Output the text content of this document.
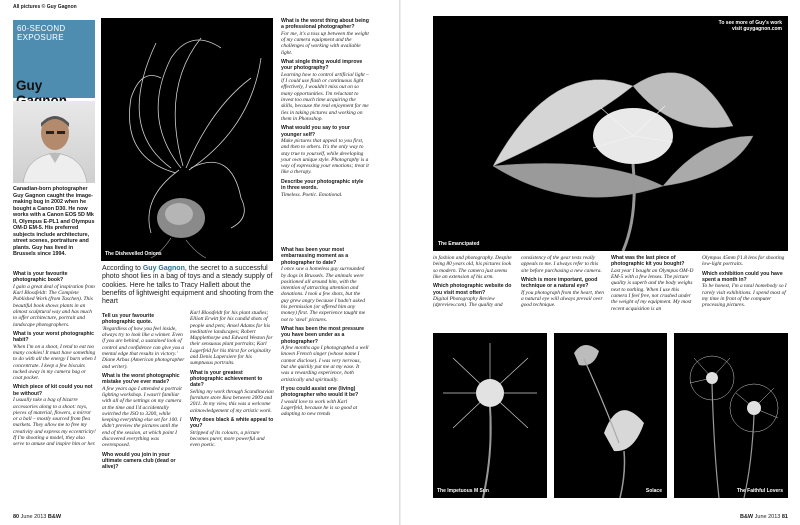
All pictures © Guy Gagnon
60-SECOND
EXPOSURE
Guy
Canadian-born photographer Guy Gagnon caught the image-making bug in 2002 when he bought a Canon D30. He now works with a Canon EOS 5D Mk II, Olympus E-PL1 and Olympus OM-D EM-5. His preferred subjects include architecture, street scenes, portraiture and plants. Guy has lived in Brussels since 1994.
What is your favourite photographic book?
I gain a great deal of inspiration from Karl Blossfeldt: The Complete Published Work (from Taschen). This beautiful book shows plants in an almost sculptural way and has much to offer architecture, portrait and landscape photographers.
What is your worst photographic habit?
When I'm on a shoot, I tend to eat too many cookies! It must have something to do with all the energy I burn when I concentrate. I keep a few biscuits tucked away in my camera bag or coat pocket.
Which piece of kit could you not be without?
I usually take a bag of bizarre accessories along to a shoot: toys, pieces of material, flowers, a mirror or a ball – mostly sourced from flea markets. They allow me to free my creativity and express my eccentricity! If I'm shooting a model, they also serve to amuse and inspire him or her.
The Dishevelled Onions
According to Guy Gagnon, the secret to a successful photo shoot lies in a bag of toys and a steady supply of cookies. Here he talks to Tracy Hallett about the benefits of lightweight equipment and shooting from the heart
Tell us your favourite photographic quote.
'Regardless of how you feel inside, always try to look like a winner. Even if you are behind, a sustained look of control and confidence can give you a mental edge that results in victory.' Diane Arbus (American photographer and writer).
What is the worst photographic mistake you've ever made?
A few years ago I attended a portrait lighting workshop. I wasn't familiar with all of the settings on my camera at the time and I'd accidentally switched the ISO to 3200, while keeping everything else set for 100. I didn't preview the pictures until the end of the session, at which point I discovered everything was overexposed.
Who would you join in your ultimate camera club (dead or alive)?
Karl Blossfeldt for his plant studies; Elliott Erwitt for his candid shots of people and pets; Ansel Adams for his meditative landscapes; Robert Mapplethorpe and Edward Weston for their sensuous plant portraits; Karl Lagerfeld for his thirst for originality and Denis Lapersiere for his sumptuous portraits.
What is your greatest photographic achievement to date?
Selling my work through Scandinavian furniture store Ikea between 2009 and 2011. In my view, this was a welcome acknowledgement of my artistic work.
Why does black & white appeal to you?
Stripped of its colours, a picture becomes purer, more powerful and even poetic.
What is the worst thing about being a professional photographer?
For me, it's a toss up between the weight of my camera equipment and the challenges of working with available light.
What single thing would improve your photography?
Learning how to control artificial light – if I could use flash or continuous light effectively, I wouldn't miss out on so many opportunities. I'm reluctant to invest too much time acquiring the skills, because the real enjoyment for me lies in taking pictures and working on them in Photoshop.
What would you say to your younger self?
Make pictures that appeal to you first, and then to others. It's the only way to stay true to yourself, while developing your own unique style. Photography is a way of expressing your emotions; treat it like a therapy.
Describe your photographic style in three words.
Timeless. Poetic. Emotional.
80 June 2013 B&W
To see more of Guy's work
visit guygagnon.com
The Emancipated
What has been your most embarrassing moment as a photographer to date?
I once saw a homeless guy surrounded by dogs in Brussels. The animals were positioned all around him, with the intention of attracting attention and donations. I took a few shots, but the guy grew angry because I hadn't asked his permission (or offered him any money) first. The experience taught me not to 'steal' pictures.
What has been the most pressure you have been under as a photographer?
A few months ago I photographed a well known French singer (whose name I cannot disclose). I was very nervous, but she quickly put me at my ease. It was a rewarding experience, both artistically and spiritually.
If you could assist one (living) photographer who would it be?
I would love to work with Karl Lagerfeld, because he is so good at adapting to new trends
in fashion and photography. Despite being 80 years old, his pictures look so modern. The camera just seems like an extension of his arm.
Which photographic website do you visit most often?
Digital Photography Review (dpreview.com). The quality and
consistency of the gear tests really appeals to me. I always refer to this site before purchasing a new camera.
Which is more important, good technique or a natural eye?
If you photograph from the heart, then a natural eye will always prevail over good technique.
What was the last piece of photographic kit you bought?
Last year I bought an Olympus OM-D EM-5 with a few lenses. The picture quality is superb and the body weighs next to nothing. When I use this camera I feel free, not crushed under the weight of my equipment. My most recent acquisition is an
Olympus 45mm f/1.8 lens for shooting low-light portraits.
Which exhibition could you have spent a month in?
To be honest, I'm a total homebody so I rarely visit exhibitions. I spend most of my time in front of the computer processing pictures.
The Impetuous M Sun	Solace	The Faithful Lovers
B&W June 2013 81
